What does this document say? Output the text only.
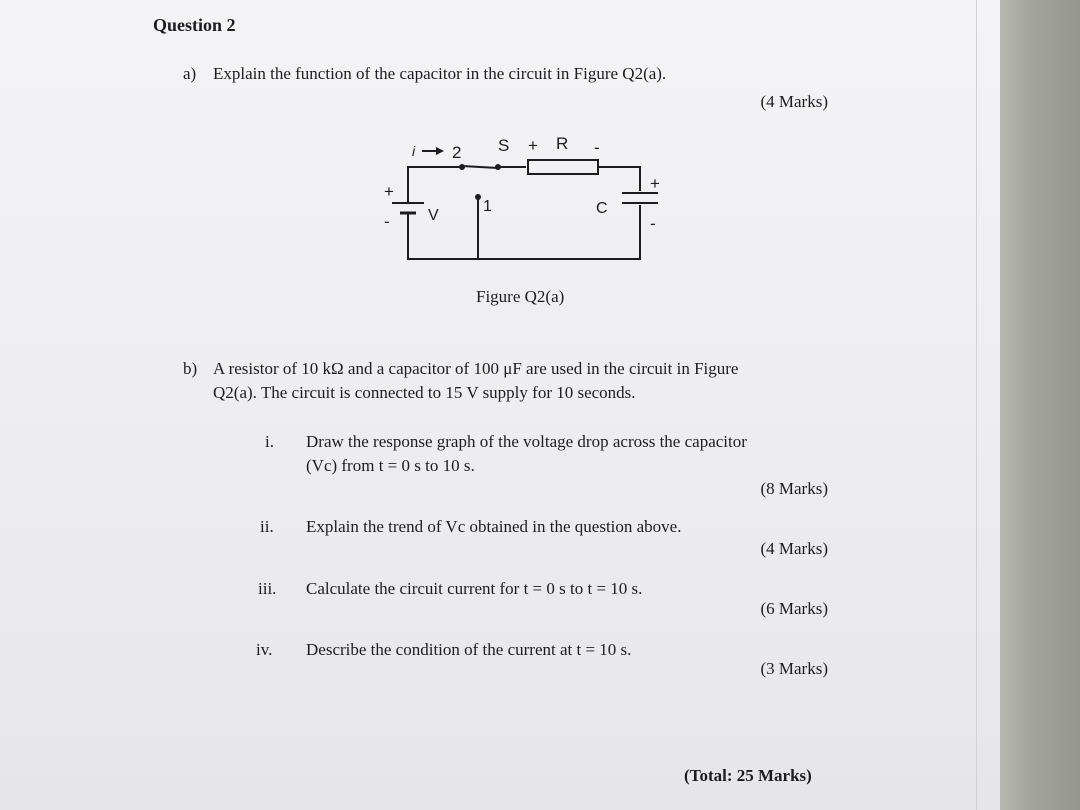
Question 2
a) Explain the function of the capacitor in the circuit in Figure Q2(a).
(4 Marks)
i 2 S + R -
+
- V
1	C
+
-
Figure Q2(a)
b) A resistor of 10 kΩ and a capacitor of 100 μF are used in the circuit in Figure
Q2(a). The circuit is connected to 15 V supply for 10 seconds.
i. Draw the response graph of the voltage drop across the capacitor
(Vc) from t = 0 s to 10 s.
(8 Marks)
ii. Explain the trend of Vc obtained in the question above.
(4 Marks)
iii. Calculate the circuit current for t = 0 s to t = 10 s.
(6 Marks)
iv. Describe the condition of the current at t = 10 s.
(3 Marks)
(Total: 25 Marks)
